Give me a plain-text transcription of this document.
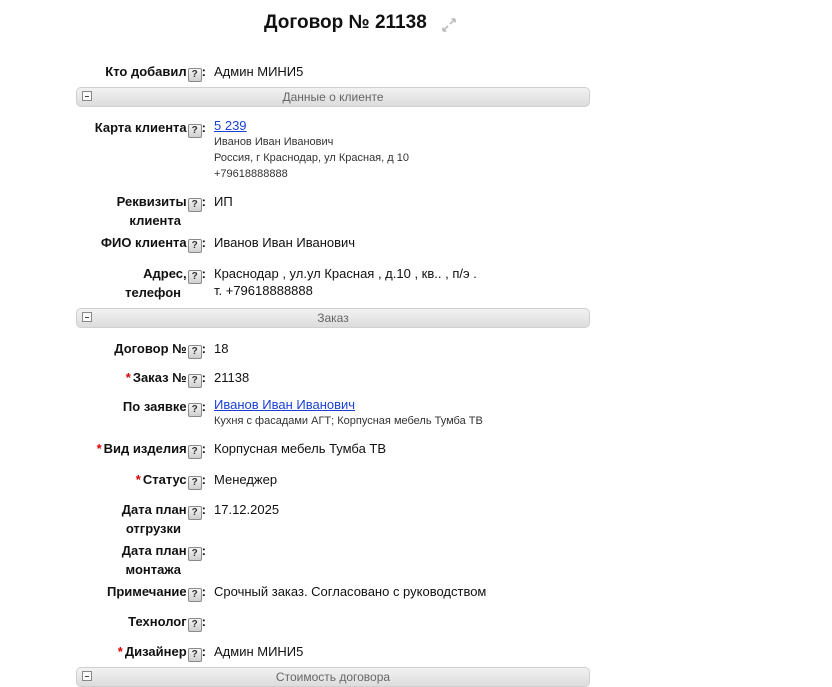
Договор № 21138
Кто добавил ? : Админ МИНИ5
Данные о клиенте
Карта клиента ? : 5 239
Иванов Иван Иванович
Россия, г Краснодар, ул Красная, д 10
+79618888888
Реквизиты ? :
клиента
ИП
ФИО клиента ? : Иванов Иван Иванович
Адрес, ? :
телефон
Краснодар , ул.ул Красная , д.10 , кв.. , п/э .
т. +79618888888
Заказ
Договор № ? : 18
* Заказ № ? : 21138
По заявке ? : Иванов Иван Иванович
Кухня с фасадами АГТ; Корпусная мебель Тумба ТВ
* Вид изделия ? : Корпусная мебель Тумба ТВ
* Статус ? : Менеджер
Дата план ? :
отгрузки
17.12.2025
Дата план ? :
монтажа
Примечание ? : Срочный заказ. Согласовано с руководством
Технолог ? :
* Дизайнер ? : Админ МИНИ5
Стоимость договора
